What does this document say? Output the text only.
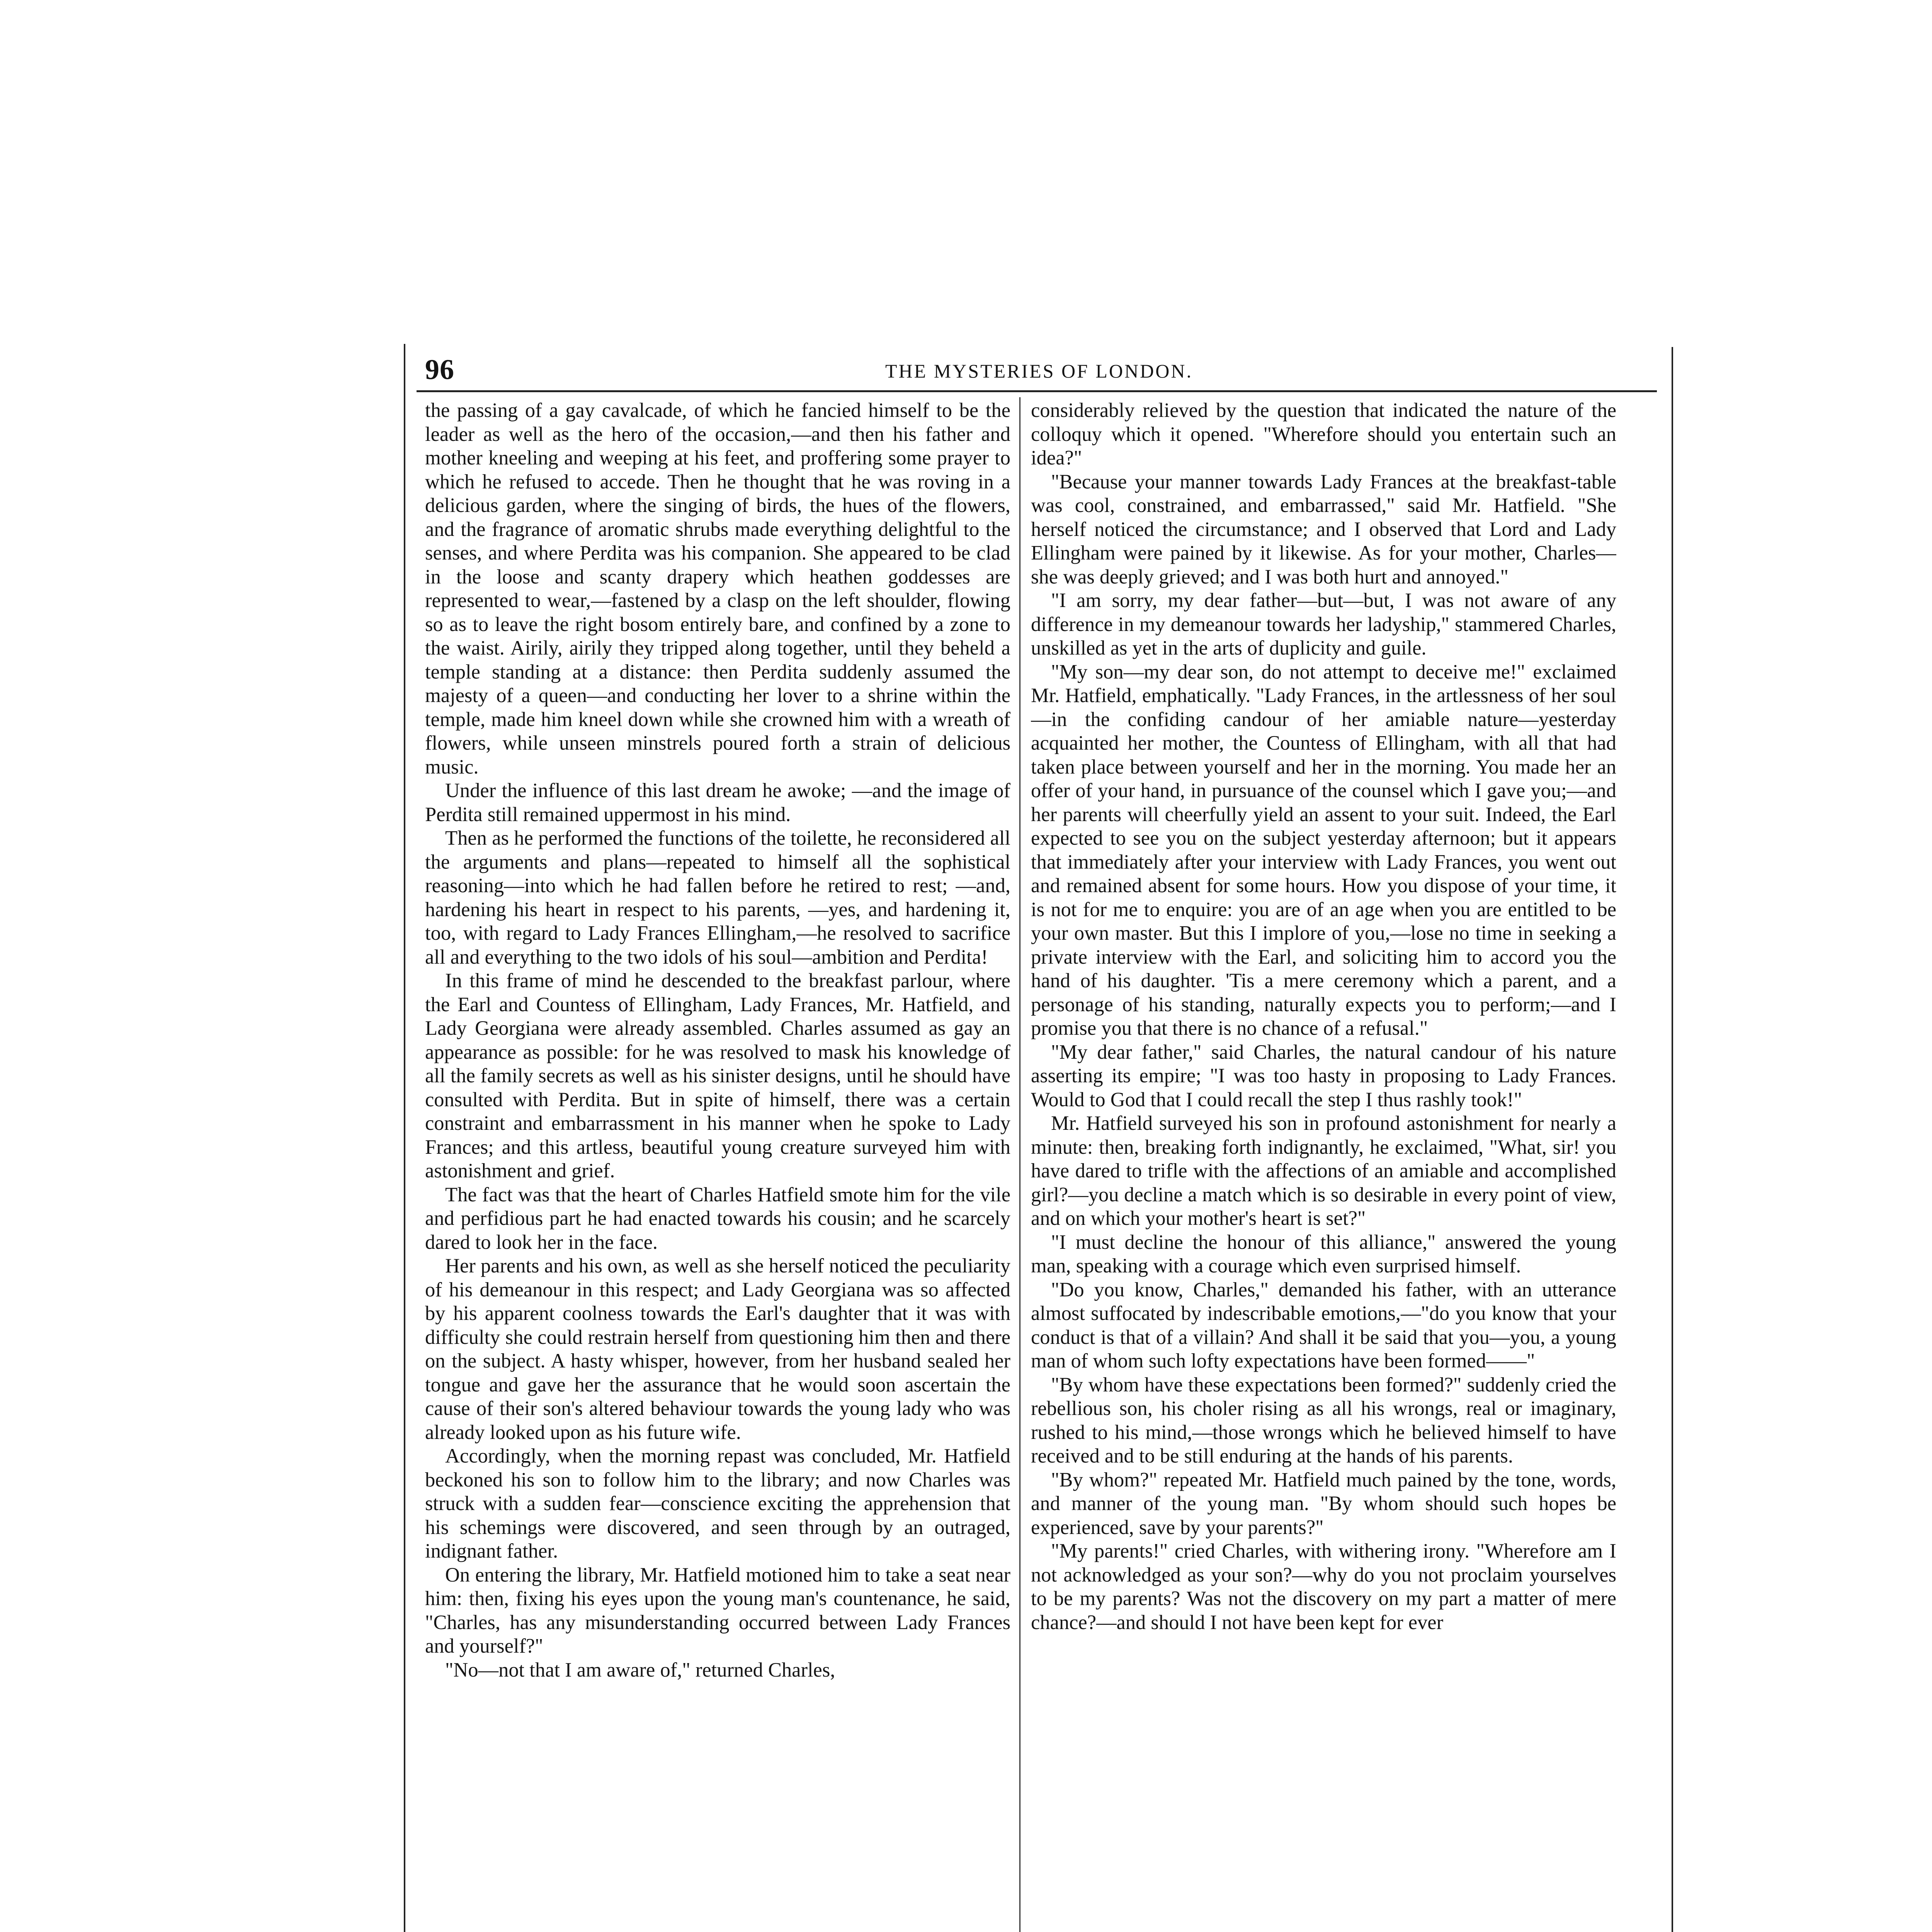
96	THE MYSTERIES OF LONDON.

the passing of a gay cavalcade, of which he fancied himself to be the leader as well as the hero of the occasion,—and then his father and mother kneeling and weeping at his feet, and proffering some prayer to which he refused to accede. Then he thought that he was roving in a delicious garden, where the singing of birds, the hues of the flowers, and the fragrance of aromatic shrubs made everything delightful to the senses, and where Perdita was his companion. She appeared to be clad in the loose and scanty drapery which heathen goddesses are represented to wear,—fastened by a clasp on the left shoulder, flowing so as to leave the right bosom entirely bare, and confined by a zone to the waist. Airily, airily they tripped along together, until they beheld a temple standing at a distance: then Perdita suddenly assumed the majesty of a queen—and conducting her lover to a shrine within the temple, made him kneel down while she crowned him with a wreath of flowers, while unseen minstrels poured forth a strain of delicious music.

Under the influence of this last dream he awoke; —and the image of Perdita still remained uppermost in his mind.

Then as he performed the functions of the toilette, he reconsidered all the arguments and plans—repeated to himself all the sophistical reasoning—into which he had fallen before he retired to rest; —and, hardening his heart in respect to his parents, —yes, and hardening it, too, with regard to Lady Frances Ellingham,—he resolved to sacrifice all and everything to the two idols of his soul—ambition and Perdita!

In this frame of mind he descended to the breakfast parlour, where the Earl and Countess of Ellingham, Lady Frances, Mr. Hatfield, and Lady Georgiana were already assembled. Charles assumed as gay an appearance as possible: for he was resolved to mask his knowledge of all the family secrets as well as his sinister designs, until he should have consulted with Perdita. But in spite of himself, there was a certain constraint and embarrassment in his manner when he spoke to Lady Frances; and this artless, beautiful young creature surveyed him with astonishment and grief.

The fact was that the heart of Charles Hatfield smote him for the vile and perfidious part he had enacted towards his cousin; and he scarcely dared to look her in the face.

Her parents and his own, as well as she herself noticed the peculiarity of his demeanour in this respect; and Lady Georgiana was so affected by his apparent coolness towards the Earl's daughter that it was with difficulty she could restrain herself from questioning him then and there on the subject. A hasty whisper, however, from her husband sealed her tongue and gave her the assurance that he would soon ascertain the cause of their son's altered behaviour towards the young lady who was already looked upon as his future wife.

Accordingly, when the morning repast was concluded, Mr. Hatfield beckoned his son to follow him to the library; and now Charles was struck with a sudden fear—conscience exciting the apprehension that his schemings were discovered, and seen through by an outraged, indignant father.

On entering the library, Mr. Hatfield motioned him to take a seat near him: then, fixing his eyes upon the young man's countenance, he said, "Charles, has any misunderstanding occurred between Lady Frances and yourself?"

"No—not that I am aware of," returned Charles,

considerably relieved by the question that indicated the nature of the colloquy which it opened. "Wherefore should you entertain such an idea?"

"Because your manner towards Lady Frances at the breakfast-table was cool, constrained, and embarrassed," said Mr. Hatfield. "She herself noticed the circumstance; and I observed that Lord and Lady Ellingham were pained by it likewise. As for your mother, Charles—she was deeply grieved; and I was both hurt and annoyed."

"I am sorry, my dear father—but—but, I was not aware of any difference in my demeanour towards her ladyship," stammered Charles, unskilled as yet in the arts of duplicity and guile.

"My son—my dear son, do not attempt to deceive me!" exclaimed Mr. Hatfield, emphatically. "Lady Frances, in the artlessness of her soul—in the confiding candour of her amiable nature—yesterday acquainted her mother, the Countess of Ellingham, with all that had taken place between yourself and her in the morning. You made her an offer of your hand, in pursuance of the counsel which I gave you;—and her parents will cheerfully yield an assent to your suit. Indeed, the Earl expected to see you on the subject yesterday afternoon; but it appears that immediately after your interview with Lady Frances, you went out and remained absent for some hours. How you dispose of your time, it is not for me to enquire: you are of an age when you are entitled to be your own master. But this I implore of you,—lose no time in seeking a private interview with the Earl, and soliciting him to accord you the hand of his daughter. 'Tis a mere ceremony which a parent, and a personage of his standing, naturally expects you to perform;—and I promise you that there is no chance of a refusal."

"My dear father," said Charles, the natural candour of his nature asserting its empire; "I was too hasty in proposing to Lady Frances. Would to God that I could recall the step I thus rashly took!"

Mr. Hatfield surveyed his son in profound astonishment for nearly a minute: then, breaking forth indignantly, he exclaimed, "What, sir! you have dared to trifle with the affections of an amiable and accomplished girl?—you decline a match which is so desirable in every point of view, and on which your mother's heart is set?"

"I must decline the honour of this alliance," answered the young man, speaking with a courage which even surprised himself.

"Do you know, Charles," demanded his father, with an utterance almost suffocated by indescribable emotions,—"do you know that your conduct is that of a villain? And shall it be said that you—you, a young man of whom such lofty expectations have been formed——"

"By whom have these expectations been formed?" suddenly cried the rebellious son, his choler rising as all his wrongs, real or imaginary, rushed to his mind,—those wrongs which he believed himself to have received and to be still enduring at the hands of his parents.

"By whom?" repeated Mr. Hatfield much pained by the tone, words, and manner of the young man. "By whom should such hopes be experienced, save by your parents?"

"My parents!" cried Charles, with withering irony. "Wherefore am I not acknowledged as your son?—why do you not proclaim yourselves to be my parents? Was not the discovery on my part a matter of mere chance?—and should I not have been kept for ever
